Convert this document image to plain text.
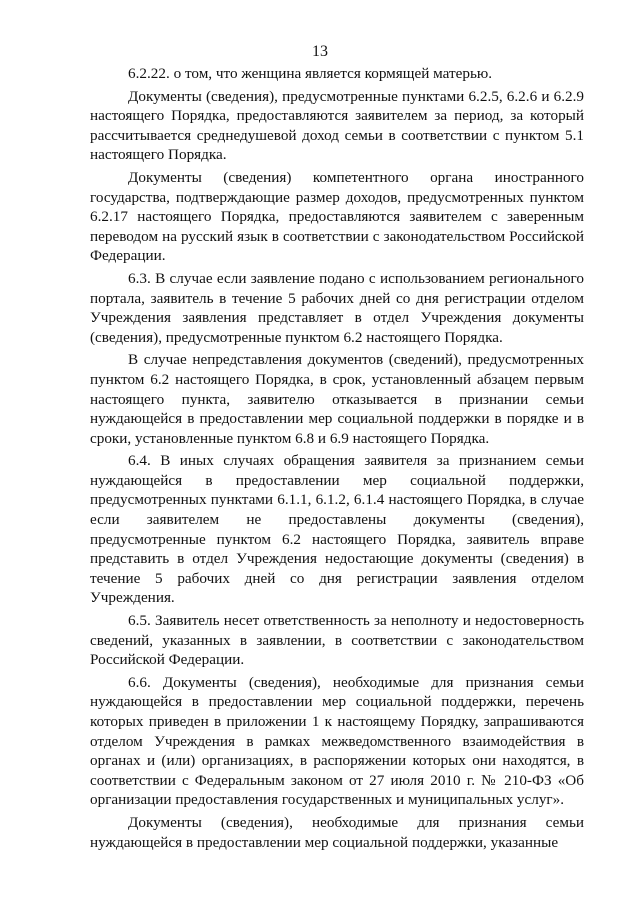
13

6.2.22. о том, что женщина является кормящей матерью.

Документы (сведения), предусмотренные пунктами 6.2.5, 6.2.6 и 6.2.9 настоящего Порядка, предоставляются заявителем за период, за который рассчитывается среднедушевой доход семьи в соответствии с пунктом 5.1 настоящего Порядка.

Документы (сведения) компетентного органа иностранного государства, подтверждающие размер доходов, предусмотренных пунктом 6.2.17 настоящего Порядка, предоставляются заявителем с заверенным переводом на русский язык в соответствии с законодательством Российской Федерации.

6.3. В случае если заявление подано с использованием регионального портала, заявитель в течение 5 рабочих дней со дня регистрации отделом Учреждения заявления представляет в отдел Учреждения документы (сведения), предусмотренные пунктом 6.2 настоящего Порядка.

В случае непредставления документов (сведений), предусмотренных пунктом 6.2 настоящего Порядка, в срок, установленный абзацем первым настоящего пункта, заявителю отказывается в признании семьи нуждающейся в предоставлении мер социальной поддержки в порядке и в сроки, установленные пунктом 6.8 и 6.9 настоящего Порядка.

6.4. В иных случаях обращения заявителя за признанием семьи нуждающейся в предоставлении мер социальной поддержки, предусмотренных пунктами 6.1.1, 6.1.2, 6.1.4 настоящего Порядка, в случае если заявителем не предоставлены документы (сведения), предусмотренные пунктом 6.2 настоящего Порядка, заявитель вправе представить в отдел Учреждения недостающие документы (сведения) в течение 5 рабочих дней со дня регистрации заявления отделом Учреждения.

6.5. Заявитель несет ответственность за неполноту и недостоверность сведений, указанных в заявлении, в соответствии с законодательством Российской Федерации.

6.6. Документы (сведения), необходимые для признания семьи нуждающейся в предоставлении мер социальной поддержки, перечень которых приведен в приложении 1 к настоящему Порядку, запрашиваются отделом Учреждения в рамках межведомственного взаимодействия в органах и (или) организациях, в распоряжении которых они находятся, в соответствии с Федеральным законом от 27 июля 2010 г. № 210-ФЗ «Об организации предоставления государственных и муниципальных услуг».

Документы (сведения), необходимые для признания семьи нуждающейся в предоставлении мер социальной поддержки, указанные
